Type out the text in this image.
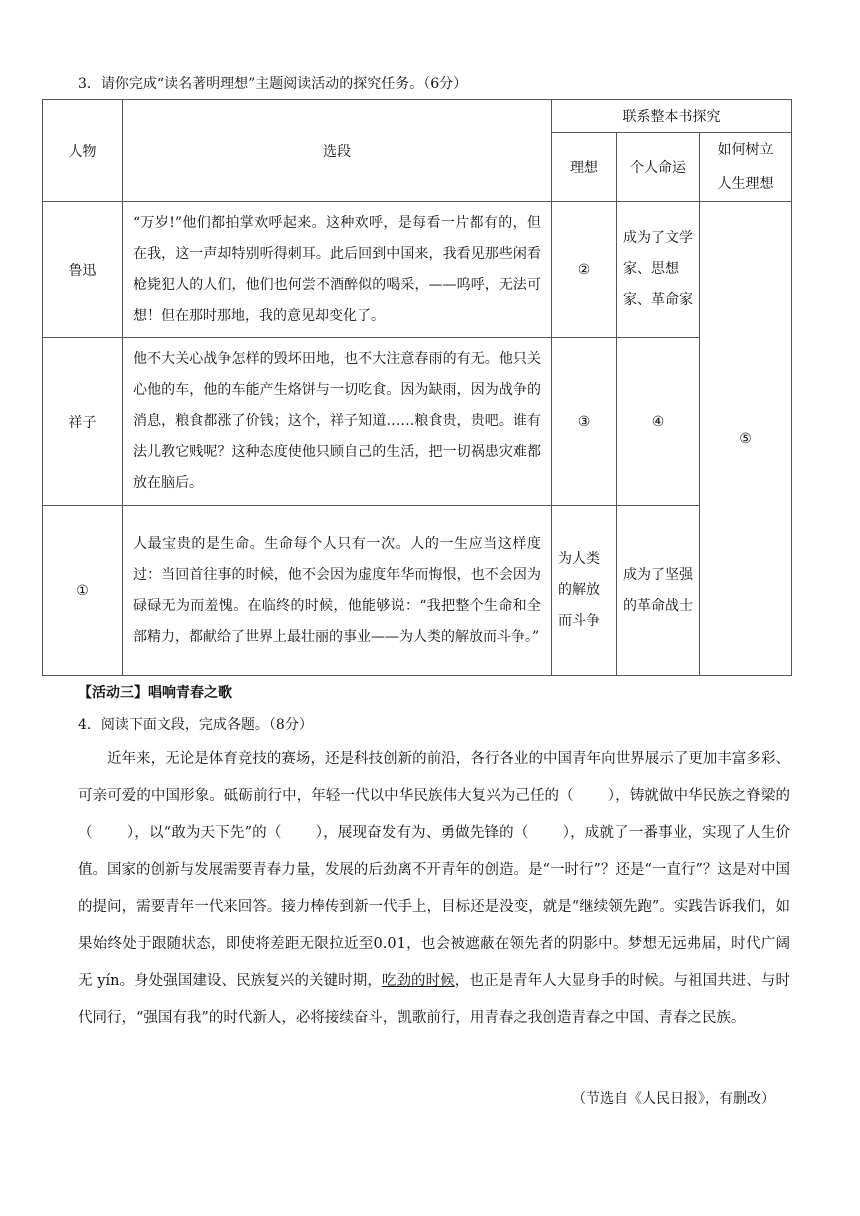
3．请你完成“读名著明理想”主题阅读活动的探究任务。（6分）
人物	选段	联系整本书探究		
		理想	个人命运	如何树立
人生理想

鲁迅	“万岁!”他们都拍掌欢呼起来。这种欢呼，是每看一片都有的，但在我，这一声却特别听得刺耳。此后回到中国来，我看见那些闲看枪毙犯人的人们，他们也何尝不酒醉似的喝采，——呜呼，无法可想！但在那时那地，我的意见却变化了。	②	成为了文学家、思想家、革命家	⑤
祥子	他不大关心战争怎样的毁坏田地，也不大注意春雨的有无。他只关心他的车，他的车能产生烙饼与一切吃食。因为缺雨，因为战争的消息，粮食都涨了价钱；这个，祥子知道……粮食贵，贵吧。谁有法儿教它贱呢？这种态度使他只顾自己的生活，把一切祸患灾难都放在脑后。	③	④	
①	人最宝贵的是生命。生命每个人只有一次。人的一生应当这样度过：当回首往事的时候，他不会因为虚度年华而悔恨，也不会因为碌碌无为而羞愧。在临终的时候，他能够说：“我把整个生命和全部精力，都献给了世界上最壮丽的事业——为人类的解放而斗争。”	为人类的解放而斗争	成为了坚强的革命战士	
【活动三】唱响青春之歌
4．阅读下面文段，完成各题。（8分）

近年来，无论是体育竞技的赛场，还是科技创新的前沿，各行各业的中国青年向世界展示了更加丰富多彩、可亲可爱的中国形象。砥砺前行中，年轻一代以中华民族伟大复兴为己任的（ ），铸就做中华民族之脊梁的（ ），以“敢为天下先”的（ ），展现奋发有为、勇做先锋的（ ），成就了一番事业，实现了人生价值。 国家的创新与发展需要青春力量，发展的后劲离不开青年的创造。是“一时行”？还是“一直行”？这是对中国的提问，需要青年一代来回答。接力棒传到新一代手上，目标还是没变，就是“继续领先跑”。实践告诉我们，如果始终处于跟随状态，即使将差距无限拉近至0.01，也会被遮蔽在领先者的阴影中。梦想无远弗届，时代广阔无 yín。身处强国建设、民族复兴的关键时期，吃劲的时候，也正是青年人大显身手的时候。与祖国共进、与时代同行，“强国有我”的时代新人，必将接续奋斗，凯歌前行，用青春之我创造青春之中国、青春之民族。

（节选自《人民日报》，有删改）
